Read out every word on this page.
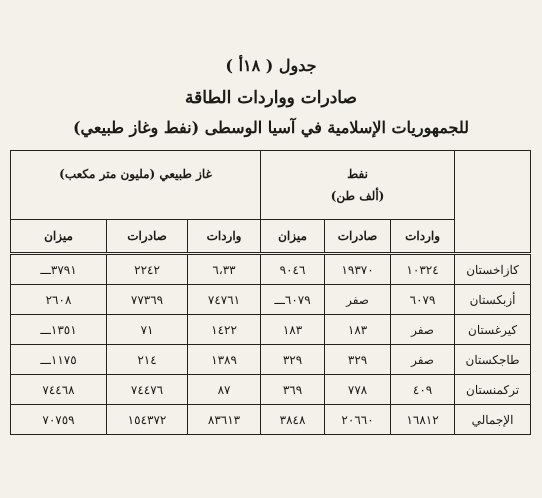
جدول ( ١٨أ )
صادرات وواردات الطاقة
للجمهوريات الإسلامية في آسيا الوسطى (نفط وغاز طبيعي)
	نفط
(ألف طن)			غاز طبيعي (مليون متر مكعب)		
	واردات	صادرات	ميزان	واردات	صادرات	ميزان
كازاخستان	١٠٣٢٤	١٩٣٧٠	٩٠٤٦	٦،٣٣	٢٢٤٢	٣٧٩١ـــ
أزبكستان	٦٠٧٩	صفر	٦٠٧٩ـــ	٧٤٧٦١	٧٧٣٦٩	٢٦٠٨
كيرغستان	صفر	١٨٣	١٨٣	١٤٢٢	٧١	١٣٥١ـــ
طاجكستان	صفر	٣٢٩	٣٢٩	١٣٨٩	٢١٤	١١٧٥ـــ
تركمنستان	٤٠٩	٧٧٨	٣٦٩	٨٧	٧٤٤٧٦	٧٤٤٦٨
الإجمالي	١٦٨١٢	٢٠٦٦٠	٣٨٤٨	٨٣٦١٣	١٥٤٣٧٢	٧٠٧٥٩
